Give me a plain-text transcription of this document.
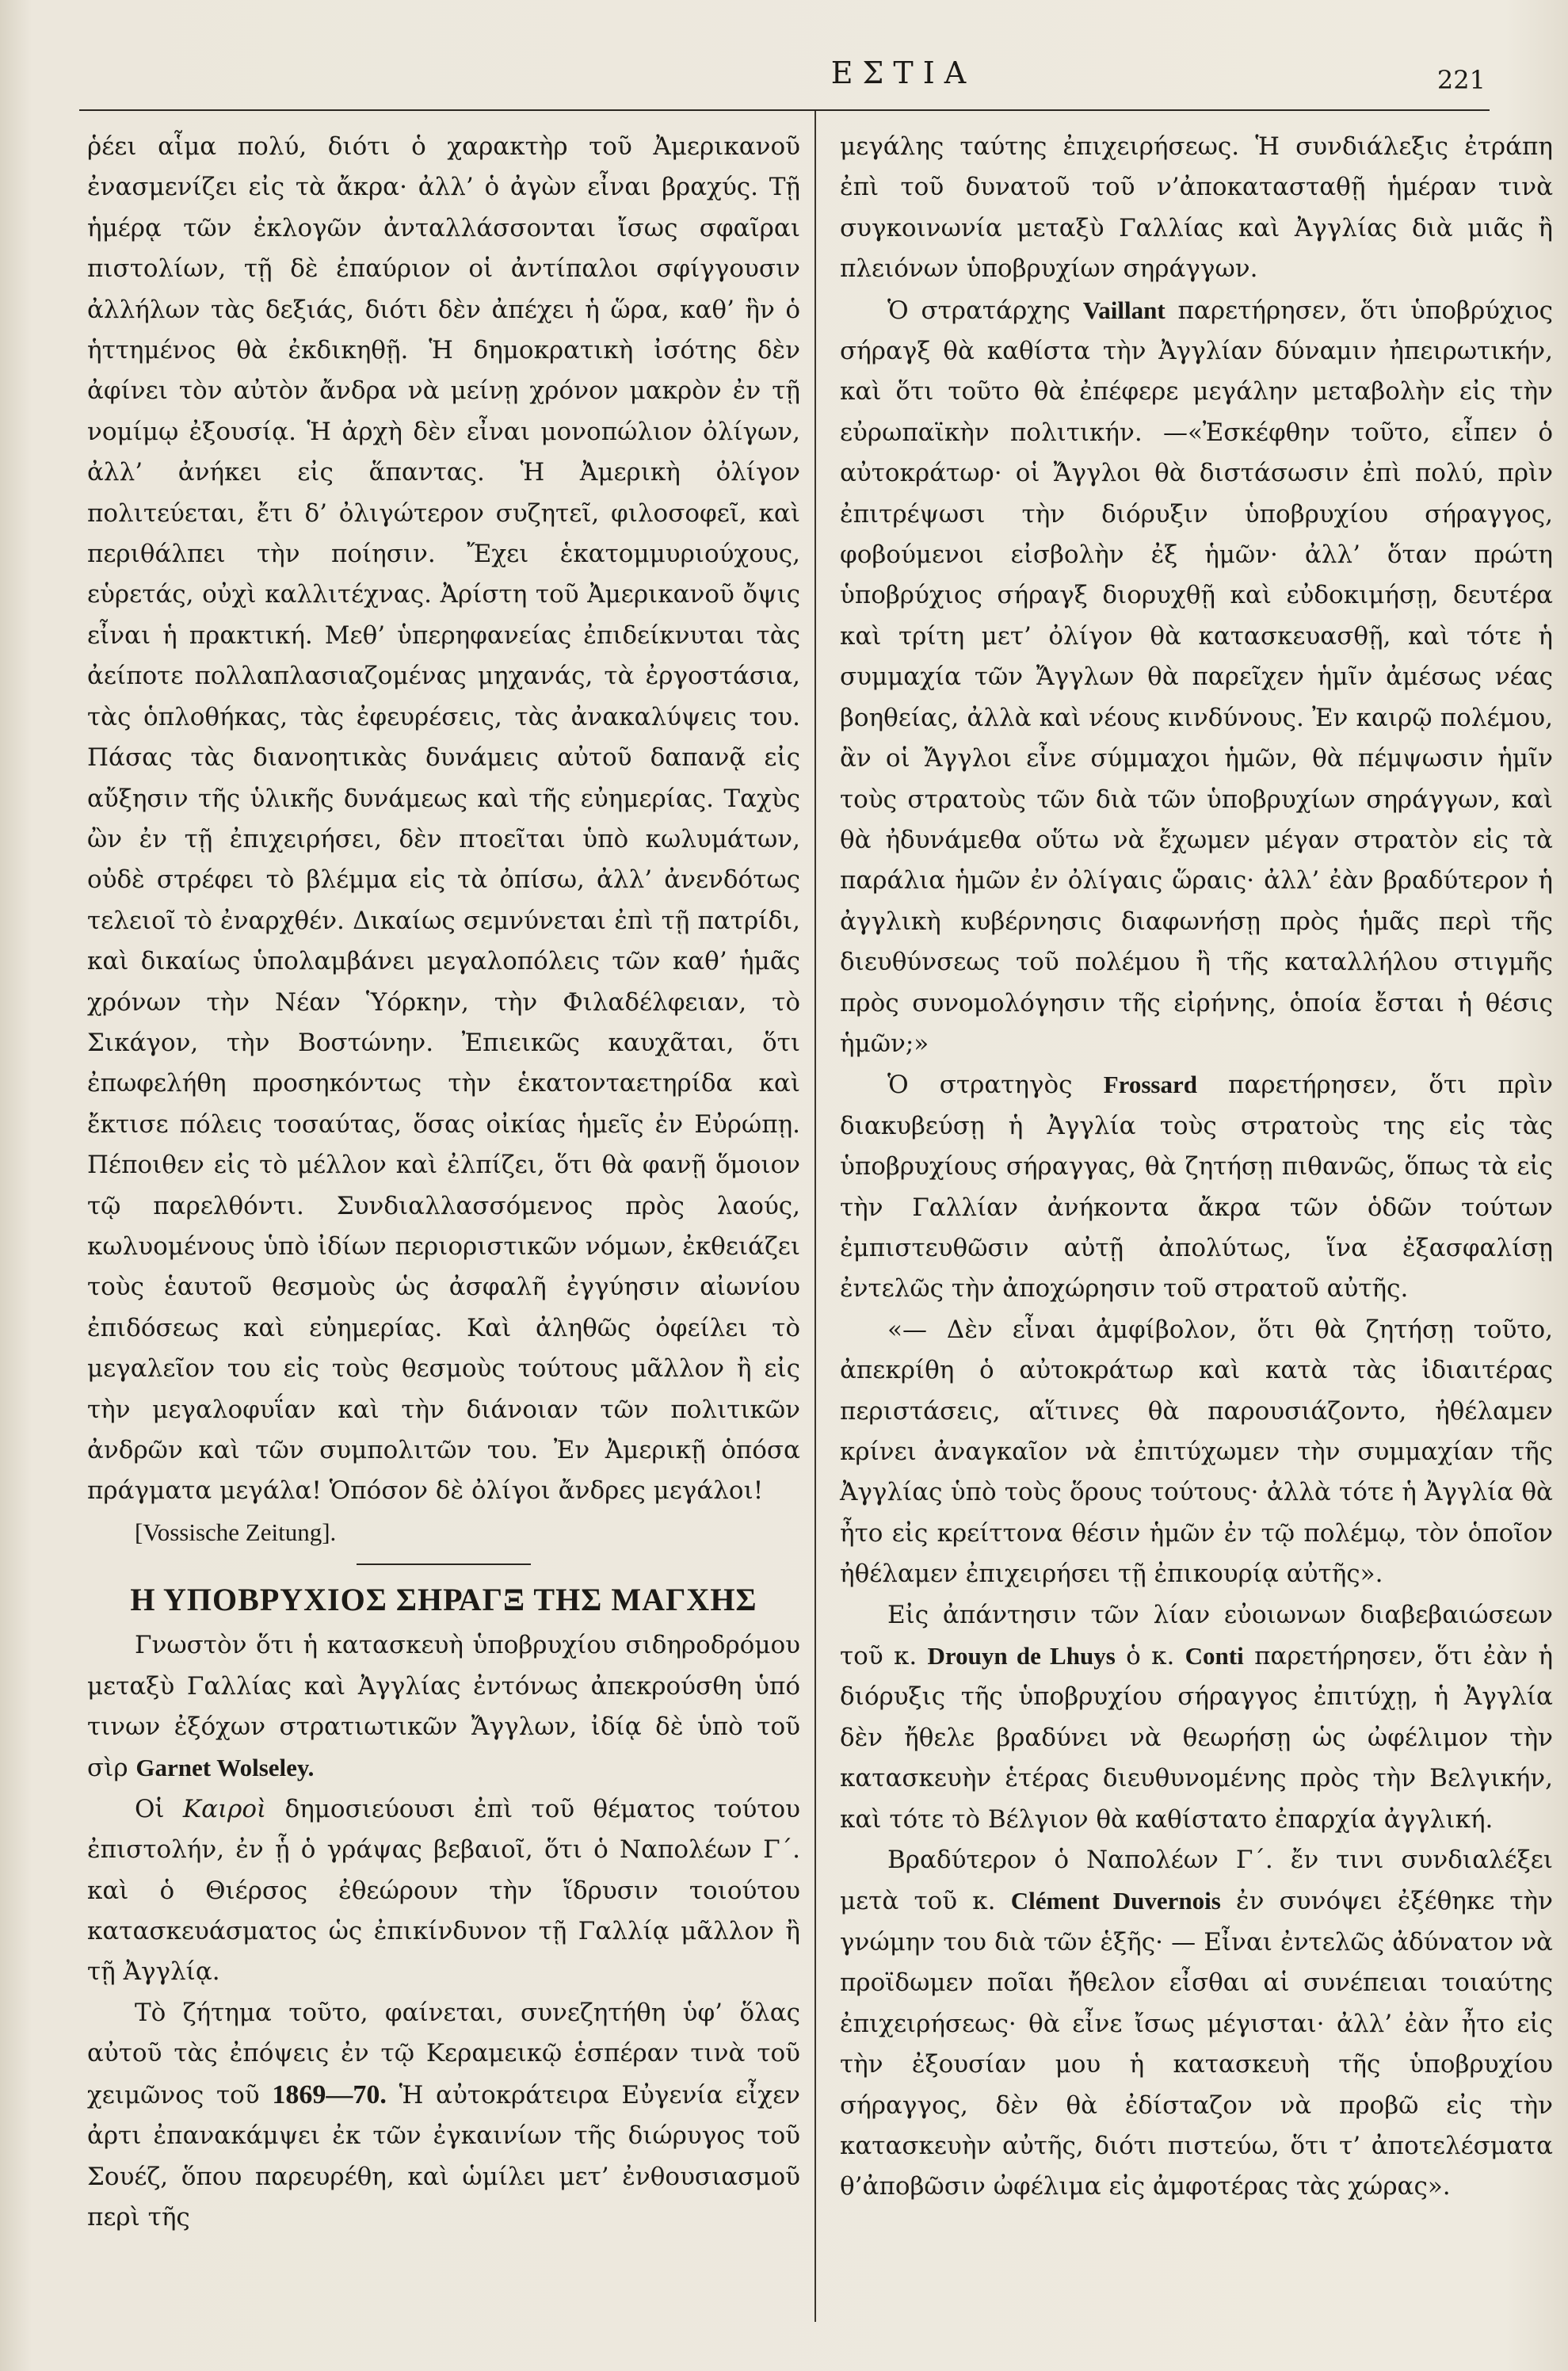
ΕΣΤΙΑ	221

ῥέει αἷμα πολύ, διότι ὁ χαρακτὴρ τοῦ Ἀμερικανοῦ ἐνασμενίζει εἰς τὰ ἄκρα· ἀλλ’ ὁ ἀγὼν εἶναι βραχύς. Τῇ ἡμέρᾳ τῶν ἐκλογῶν ἀνταλλάσσονται ἴσως σφαῖραι πιστολίων, τῇ δὲ ἐπαύριον οἱ ἀντίπαλοι σφίγγουσιν ἀλλήλων τὰς δεξιάς, διότι δὲν ἀπέχει ἡ ὥρα, καθ’ ἣν ὁ ἡττημένος θὰ ἐκδικηθῇ. Ἡ δημοκρατικὴ ἰσότης δὲν ἀφίνει τὸν αὐτὸν ἄνδρα νὰ μείνῃ χρόνον μακρὸν ἐν τῇ νομίμῳ ἐξουσίᾳ. Ἡ ἀρχὴ δὲν εἶναι μονοπώλιον ὀλίγων, ἀλλ’ ἀνήκει εἰς ἅπαντας. Ἡ Ἀμερικὴ ὀλίγον πολιτεύεται, ἔτι δ’ ὀλιγώτερον συζητεῖ, φιλοσοφεῖ, καὶ περιθάλπει τὴν ποίησιν. Ἔχει ἑκατομμυριούχους, εὑρετάς, οὐχὶ καλλιτέχνας. Ἀρίστη τοῦ Ἀμερικανοῦ ὄψις εἶναι ἡ πρακτική. Μεθ’ ὑπερηφανείας ἐπιδείκνυται τὰς ἀείποτε πολλαπλασιαζομένας μηχανάς, τὰ ἐργοστάσια, τὰς ὁπλοθήκας, τὰς ἐφευρέσεις, τὰς ἀνακαλύψεις του. Πάσας τὰς διανοητικὰς δυνάμεις αὐτοῦ δαπανᾷ εἰς αὔξησιν τῆς ὑλικῆς δυνάμεως καὶ τῆς εὐημερίας. Ταχὺς ὢν ἐν τῇ ἐπιχειρήσει, δὲν πτοεῖται ὑπὸ κωλυμάτων, οὐδὲ στρέφει τὸ βλέμμα εἰς τὰ ὀπίσω, ἀλλ’ ἀνενδότως τελειοῖ τὸ ἐναρχθέν. Δικαίως σεμνύνεται ἐπὶ τῇ πατρίδι, καὶ δικαίως ὑπολαμβάνει μεγαλοπόλεις τῶν καθ’ ἡμᾶς χρόνων τὴν Νέαν Ὑόρκην, τὴν Φιλαδέλφειαν, τὸ Σικάγον, τὴν Βοστώνην. Ἐπιεικῶς καυχᾶται, ὅτι ἐπωφελήθη προσηκόντως τὴν ἑκατονταετηρίδα καὶ ἔκτισε πόλεις τοσαύτας, ὅσας οἰκίας ἡμεῖς ἐν Εὐρώπῃ. Πέποιθεν εἰς τὸ μέλλον καὶ ἐλπίζει, ὅτι θὰ φανῇ ὅμοιον τῷ παρελθόντι. Συνδιαλλασσόμενος πρὸς λαούς, κωλυομένους ὑπὸ ἰδίων περιοριστικῶν νόμων, ἐκθειάζει τοὺς ἑαυτοῦ θεσμοὺς ὡς ἀσφαλῆ ἐγγύησιν αἰωνίου ἐπιδόσεως καὶ εὐημερίας. Καὶ ἀληθῶς ὀφείλει τὸ μεγαλεῖον του εἰς τοὺς θεσμοὺς τούτους μᾶλλον ἢ εἰς τὴν μεγαλοφυΐαν καὶ τὴν διάνοιαν τῶν πολιτικῶν ἀνδρῶν καὶ τῶν συμπολιτῶν του. Ἐν Ἀμερικῇ ὁπόσα πράγματα μεγάλα! Ὁπόσον δὲ ὀλίγοι ἄνδρες μεγάλοι!

[Vossische Zeitung].

Η ΥΠΟΒΡΥΧΙΟΣ ΣΗΡΑΓΞ ΤΗΣ ΜΑΓΧΗΣ

Γνωστὸν ὅτι ἡ κατασκευὴ ὑποβρυχίου σιδηροδρόμου μεταξὺ Γαλλίας καὶ Ἀγγλίας ἐντόνως ἀπεκρούσθη ὑπό τινων ἐξόχων στρατιωτικῶν Ἄγγλων, ἰδίᾳ δὲ ὑπὸ τοῦ σὶρ Garnet Wolseley.

Οἱ Καιροὶ δημοσιεύουσι ἐπὶ τοῦ θέματος τούτου ἐπιστολήν, ἐν ᾗ ὁ γράψας βεβαιοῖ, ὅτι ὁ Ναπολέων Γ΄. καὶ ὁ Θιέρσος ἐθεώρουν τὴν ἵδρυσιν τοιούτου κατασκευάσματος ὡς ἐπικίνδυνον τῇ Γαλλίᾳ μᾶλλον ἢ τῇ Ἀγγλίᾳ.

Τὸ ζήτημα τοῦτο, φαίνεται, συνεζητήθη ὑφ’ ὅλας αὐτοῦ τὰς ἐπόψεις ἐν τῷ Κεραμεικῷ ἑσπέραν τινὰ τοῦ χειμῶνος τοῦ 1869—70. Ἡ αὐτοκράτειρα Εὐγενία εἶχεν ἀρτι ἐπανακάμψει ἐκ τῶν ἐγκαινίων τῆς διώρυγος τοῦ Σουέζ, ὅπου παρευρέθη, καὶ ὡμίλει μετ’ ἐνθουσιασμοῦ περὶ τῆς

μεγάλης ταύτης ἐπιχειρήσεως. Ἡ συνδιάλεξις ἐτράπη ἐπὶ τοῦ δυνατοῦ τοῦ ν’ἀποκατασταθῇ ἡμέραν τινὰ συγκοινωνία μεταξὺ Γαλλίας καὶ Ἀγγλίας διὰ μιᾶς ἢ πλειόνων ὑποβρυχίων σηράγγων.

Ὁ στρατάρχης Vaillant παρετήρησεν, ὅτι ὑποβρύχιος σήραγξ θὰ καθίστα τὴν Ἀγγλίαν δύναμιν ἠπειρωτικήν, καὶ ὅτι τοῦτο θὰ ἐπέφερε μεγάλην μεταβολὴν εἰς τὴν εὐρωπαϊκὴν πολιτικήν. —«Ἐσκέφθην τοῦτο, εἶπεν ὁ αὐτοκράτωρ· οἱ Ἄγγλοι θὰ διστάσωσιν ἐπὶ πολύ, πρὶν ἐπιτρέψωσι τὴν διόρυξιν ὑποβρυχίου σήραγγος, φοβούμενοι εἰσβολὴν ἐξ ἡμῶν· ἀλλ’ ὅταν πρώτη ὑποβρύχιος σήραγξ διορυχθῇ καὶ εὐδοκιμήσῃ, δευτέρα καὶ τρίτη μετ’ ὀλίγον θὰ κατασκευασθῇ, καὶ τότε ἡ συμμαχία τῶν Ἄγγλων θὰ παρεῖχεν ἡμῖν ἀμέσως νέας βοηθείας, ἀλλὰ καὶ νέους κινδύνους. Ἐν καιρῷ πολέμου, ἂν οἱ Ἄγγλοι εἶνε σύμμαχοι ἡμῶν, θὰ πέμψωσιν ἡμῖν τοὺς στρατοὺς τῶν διὰ τῶν ὑποβρυχίων σηράγγων, καὶ θὰ ἠδυνάμεθα οὕτω νὰ ἔχωμεν μέγαν στρατὸν εἰς τὰ παράλια ἡμῶν ἐν ὀλίγαις ὥραις· ἀλλ’ ἐὰν βραδύτερον ἡ ἀγγλικὴ κυβέρνησις διαφωνήσῃ πρὸς ἡμᾶς περὶ τῆς διευθύνσεως τοῦ πολέμου ἢ τῆς καταλλήλου στιγμῆς πρὸς συνομολόγησιν τῆς εἰρήνης, ὁποία ἔσται ἡ θέσις ἡμῶν;»

Ὁ στρατηγὸς Frossard παρετήρησεν, ὅτι πρὶν διακυβεύσῃ ἡ Ἀγγλία τοὺς στρατοὺς της εἰς τὰς ὑποβρυχίους σήραγγας, θὰ ζητήσῃ πιθανῶς, ὅπως τὰ εἰς τὴν Γαλλίαν ἀνήκοντα ἄκρα τῶν ὁδῶν τούτων ἐμπιστευθῶσιν αὐτῇ ἀπολύτως, ἵνα ἐξασφαλίσῃ ἐντελῶς τὴν ἀποχώρησιν τοῦ στρατοῦ αὐτῆς.

«— Δὲν εἶναι ἀμφίβολον, ὅτι θὰ ζητήσῃ τοῦτο, ἀπεκρίθη ὁ αὐτοκράτωρ καὶ κατὰ τὰς ἰδιαιτέρας περιστάσεις, αἵτινες θὰ παρουσιάζοντο, ἠθέλαμεν κρίνει ἀναγκαῖον νὰ ἐπιτύχωμεν τὴν συμμαχίαν τῆς Ἀγγλίας ὑπὸ τοὺς ὅρους τούτους· ἀλλὰ τότε ἡ Ἀγγλία θὰ ἦτο εἰς κρείττονα θέσιν ἡμῶν ἐν τῷ πολέμῳ, τὸν ὁποῖον ἠθέλαμεν ἐπιχειρήσει τῇ ἐπικουρίᾳ αὐτῆς».

Εἰς ἀπάντησιν τῶν λίαν εὐοιωνων διαβεβαιώσεων τοῦ κ. Drouyn de Lhuys ὁ κ. Conti παρετήρησεν, ὅτι ἐὰν ἡ διόρυξις τῆς ὑποβρυχίου σήραγγος ἐπιτύχῃ, ἡ Ἀγγλία δὲν ἤθελε βραδύνει νὰ θεωρήσῃ ὡς ὠφέλιμον τὴν κατασκευὴν ἑτέρας διευθυνομένης πρὸς τὴν Βελγικήν, καὶ τότε τὸ Βέλγιον θὰ καθίστατο ἐπαρχία ἀγγλική.

Βραδύτερον ὁ Ναπολέων Γ΄. ἔν τινι συνδιαλέξει μετὰ τοῦ κ. Clément Duvernois ἐν συνόψει ἐξέθηκε τὴν γνώμην του διὰ τῶν ἑξῆς· — Εἶναι ἐντελῶς ἀδύνατον νὰ προϊδωμεν ποῖαι ἤθελον εἶσθαι αἱ συνέπειαι τοιαύτης ἐπιχειρήσεως· θὰ εἶνε ἴσως μέγισται· ἀλλ’ ἐὰν ἦτο εἰς τὴν ἐξουσίαν μου ἡ κατασκευὴ τῆς ὑποβρυχίου σήραγγος, δὲν θὰ ἐδίσταζον νὰ προβῶ εἰς τὴν κατασκευὴν αὐτῆς, διότι πιστεύω, ὅτι τ’ ἀποτελέσματα θ’ἀποβῶσιν ὠφέλιμα εἰς ἀμφοτέρας τὰς χώρας».
